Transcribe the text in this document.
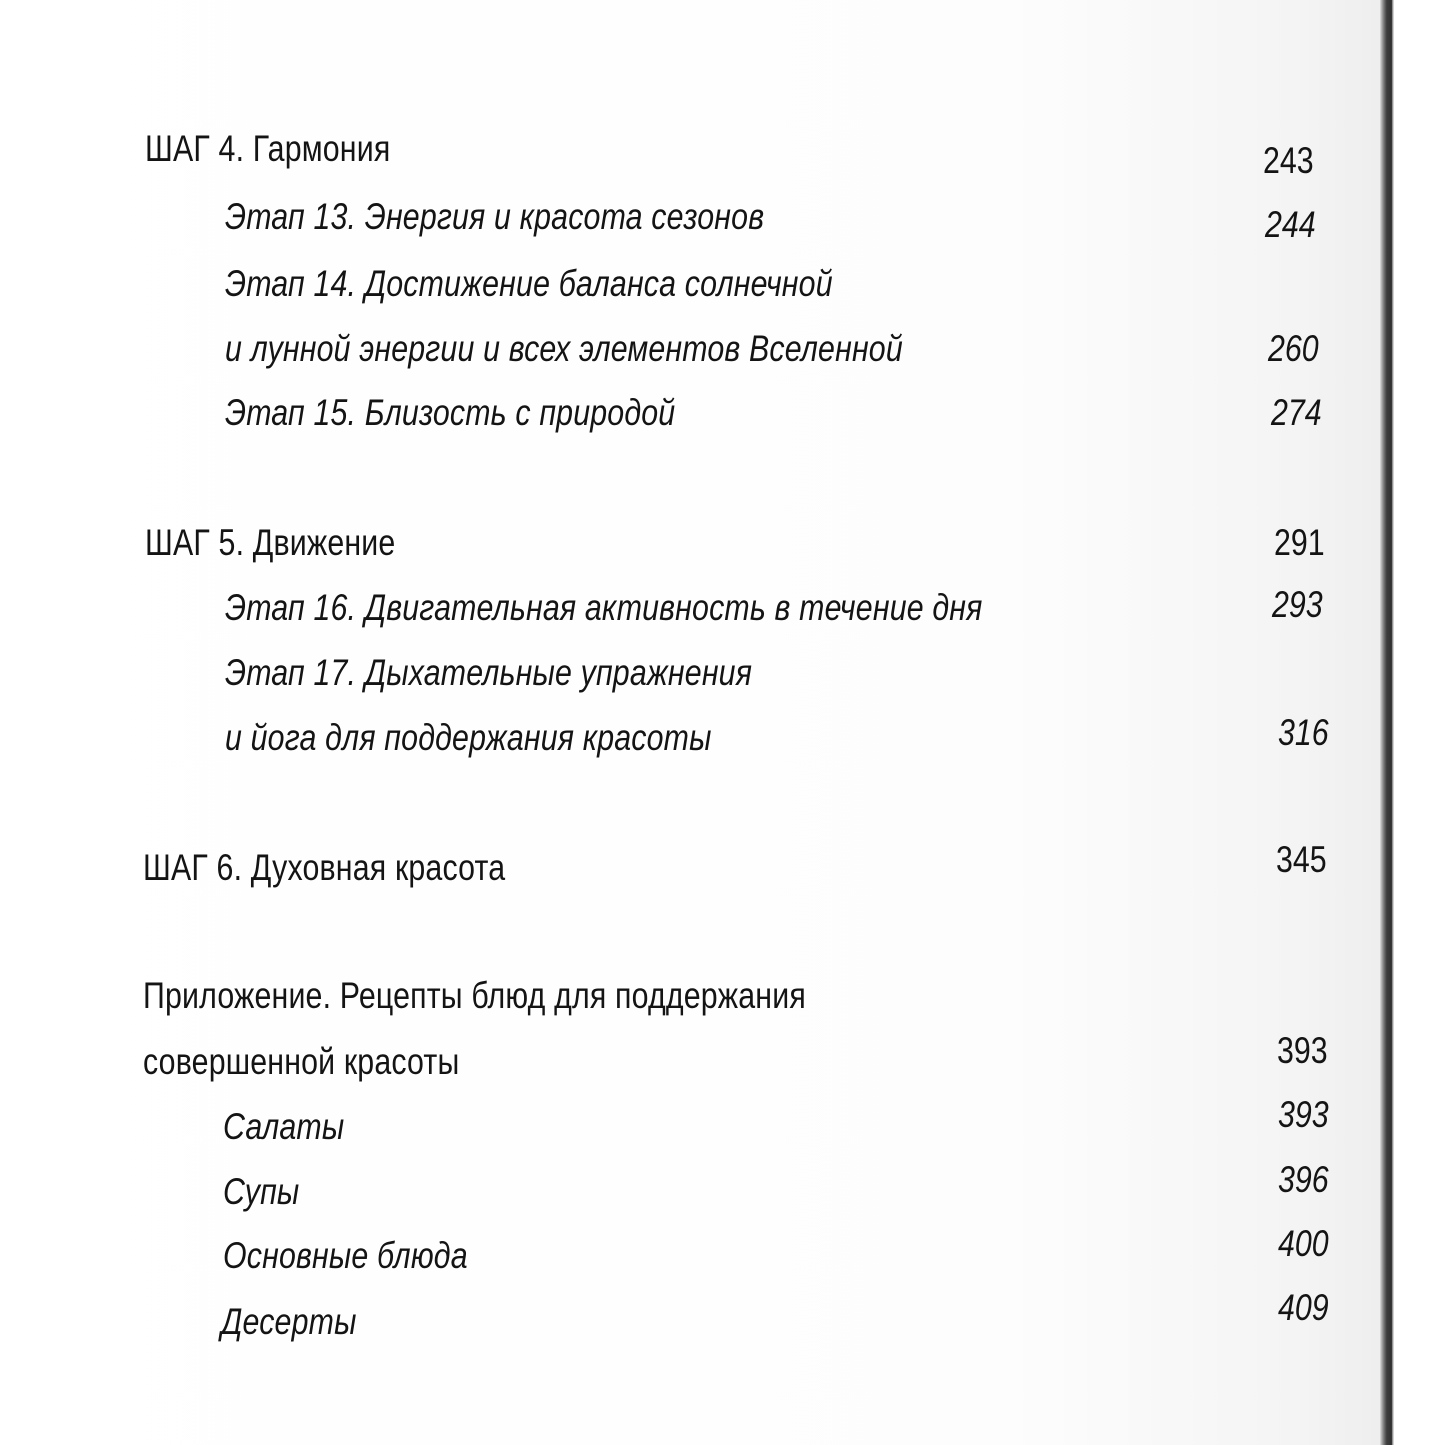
ШАГ 4. Гармония	243
Этап 13. Энергия и красота сезонов	244
Этап 14. Достижение баланса солнечной
и лунной энергии и всех элементов Вселенной	260
Этап 15. Близость с природой	274
ШАГ 5. Движение	291
Этап 16. Двигательная активность в течение дня	293
Этап 17. Дыхательные упражнения
и йога для поддержания красоты	316
ШАГ 6. Духовная красота	345
Приложение. Рецепты блюд для поддержания
совершенной красоты	393
Салаты	393
Супы	396
Основные блюда	400
Десерты	409
